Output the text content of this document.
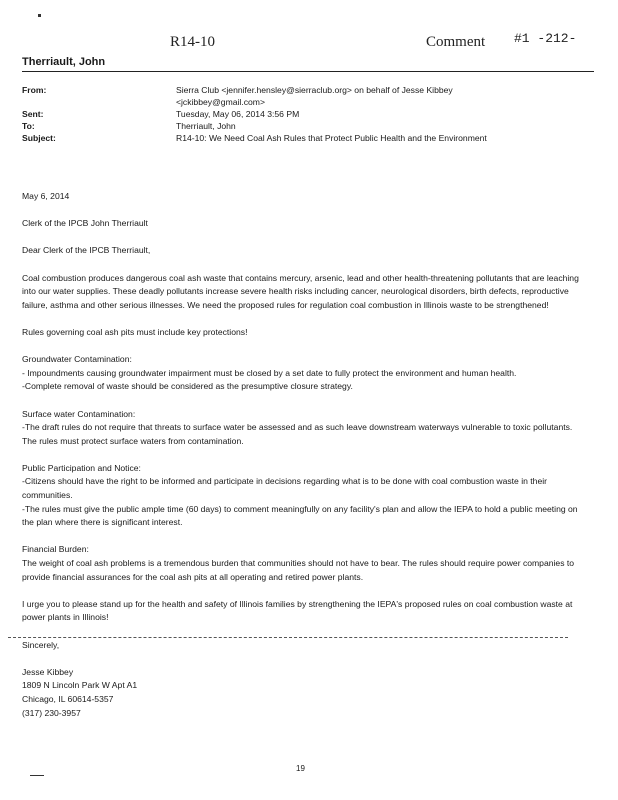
R14-10	Comment #1 -212-
Therriault, John
From:	Sierra Club <jennifer.hensley@sierraclub.org> on behalf of Jesse Kibbey
<jckibbey@gmail.com>
Sent:	Tuesday, May 06, 2014 3:56 PM
To:	Therriault, John
Subject:	R14-10: We Need Coal Ash Rules that Protect Public Health and the Environment

May 6, 2014

Clerk of the IPCB John Therriault

Dear Clerk of the IPCB Therriault,

Coal combustion produces dangerous coal ash waste that contains mercury, arsenic, lead and other health-threatening pollutants that are leaching into our water supplies. These deadly pollutants increase severe health risks including cancer, neurological disorders, birth defects, reproductive failure, asthma and other serious illnesses. We need the proposed rules for regulation coal combustion in Illinois waste to be strengthened!

Rules governing coal ash pits must include key protections!

Groundwater Contamination:

- Impoundments causing groundwater impairment must be closed by a set date to fully protect the environment and human health.

-Complete removal of waste should be considered as the presumptive closure strategy.

Surface water Contamination:

-The draft rules do not require that threats to surface water be assessed and as such leave downstream waterways vulnerable to toxic pollutants. The rules must protect surface waters from contamination.

Public Participation and Notice:

-Citizens should have the right to be informed and participate in decisions regarding what is to be done with coal combustion waste in their communities.

-The rules must give the public ample time (60 days) to comment meaningfully on any facility's plan and allow the IEPA to hold a public meeting on the plan where there is significant interest.

Financial Burden:

The weight of coal ash problems is a tremendous burden that communities should not have to bear. The rules should require power companies to provide financial assurances for the coal ash pits at all operating and retired power plants.

I urge you to please stand up for the health and safety of Illinois families by strengthening the IEPA's proposed rules on coal combustion waste at power plants in Illinois!

Sincerely,

Jesse Kibbey

1809 N Lincoln Park W Apt A1

Chicago, IL 60614-5357

(317) 230-3957

19
